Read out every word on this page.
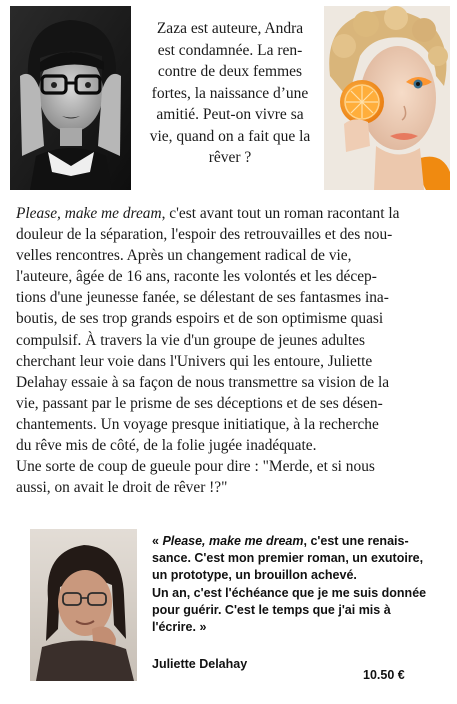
Zaza est auteure, Andra
est condamnée. La ren-
contre de deux femmes
fortes, la naissance d’une
amitié. Peut-on vivre sa
vie, quand on a fait que la
rêver ?

Please, make me dream, c'est avant tout un roman racontant la
douleur de la séparation, l'espoir des retrouvailles et des nou-
velles rencontres. Après un changement radical de vie,
l'auteure, âgée de 16 ans, raconte les volontés et les décep-
tions d'une jeunesse fanée, se délestant de ses fantasmes ina-
boutis, de ses trop grands espoirs et de son optimisme quasi
compulsif. À travers la vie d'un groupe de jeunes adultes
cherchant leur voie dans l'Univers qui les entoure, Juliette
Delahay essaie à sa façon de nous transmettre sa vision de la
vie, passant par le prisme de ses déceptions et de ses désen-
chantements. Un voyage presque initiatique, à la recherche
du rêve mis de côté, de la folie jugée inadéquate.

Une sorte de coup de gueule pour dire : "Merde, et si nous
aussi, on avait le droit de rêver !?"

« Please, make me dream, c'est une renais-
sance. C'est mon premier roman, un exutoire,
un prototype, un brouillon achevé.

Un an, c'est l'échéance que je me suis donnée
pour guérir. C'est le temps que j'ai mis à
l'écrire. »

Juliette Delahay
10.50 €
